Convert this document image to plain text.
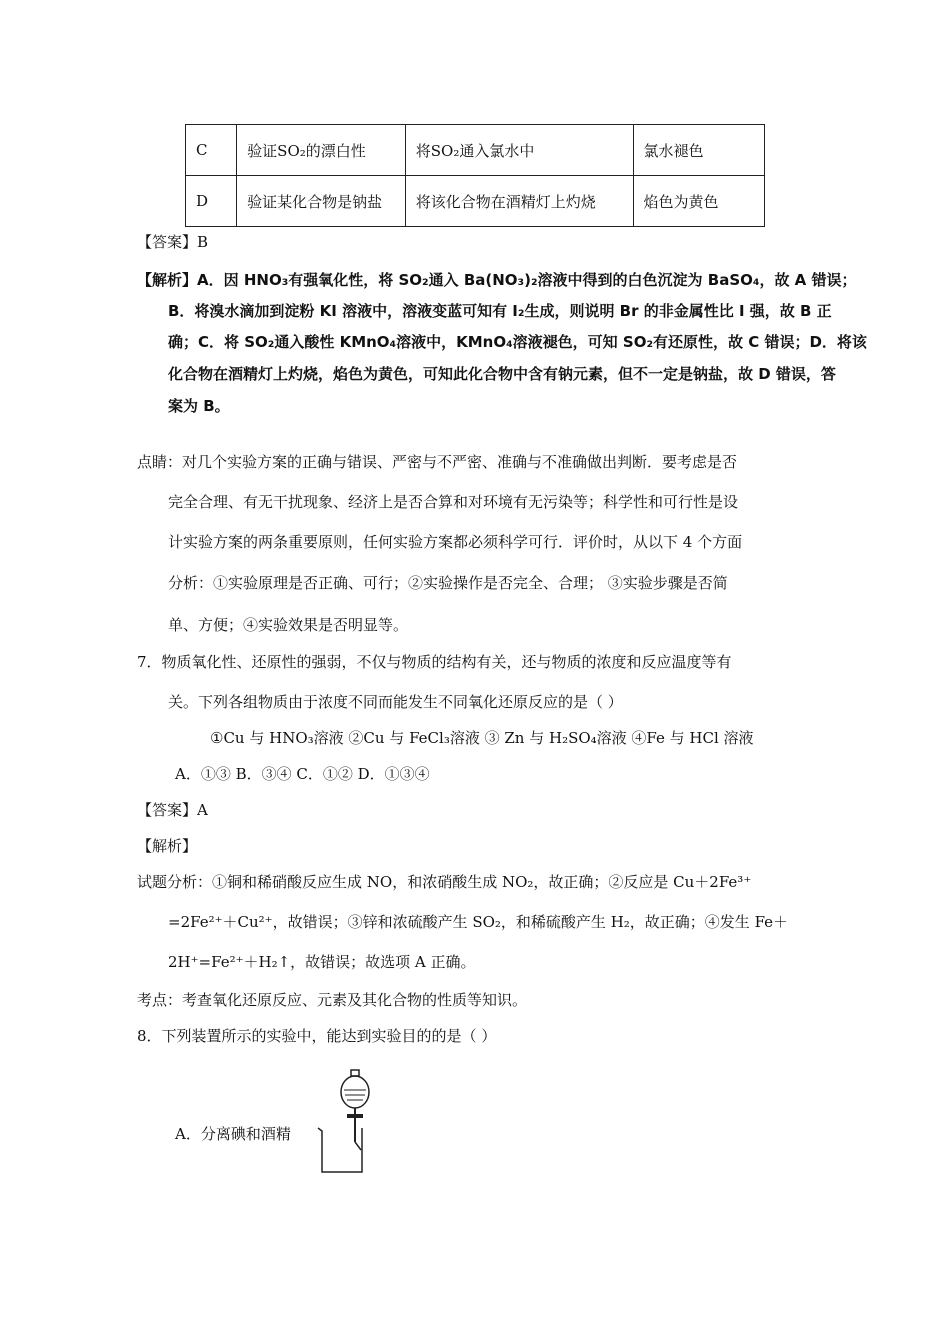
C	验证SO₂的漂白性	将SO₂通入氯水中	氯水褪色
D	验证某化合物是钠盐	将该化合物在酒精灯上灼烧	焰色为黄色
【答案】B
【解析】A．因 HNO₃有强氧化性，将 SO₂通入 Ba(NO₃)₂溶液中得到的白色沉淀为 BaSO₄，故 A 错误；
B．将溴水滴加到淀粉 KI 溶液中，溶液变蓝可知有 I₂生成，则说明 Br 的非金属性比 I 强，故 B 正
确；C．将 SO₂通入酸性 KMnO₄溶液中，KMnO₄溶液褪色，可知 SO₂有还原性，故 C 错误；D．将该
化合物在酒精灯上灼烧，焰色为黄色，可知此化合物中含有钠元素，但不一定是钠盐，故 D 错误，答
案为 B。
点睛：对几个实验方案的正确与错误、严密与不严密、准确与不准确做出判断．要考虑是否
完全合理、有无干扰现象、经济上是否合算和对环境有无污染等；科学性和可行性是设
计实验方案的两条重要原则，任何实验方案都必须科学可行．评价时，从以下 4 个方面
分析：①实验原理是否正确、可行；②实验操作是否完全、合理； ③实验步骤是否简
单、方便；④实验效果是否明显等。
7．物质氧化性、还原性的强弱，不仅与物质的结构有关，还与物质的浓度和反应温度等有
关。下列各组物质由于浓度不同而能发生不同氧化还原反应的是（ ）
①Cu 与 HNO₃溶液 ②Cu 与 FeCl₃溶液 ③ Zn 与 H₂SO₄溶液 ④Fe 与 HCl 溶液
A．①③ B．③④ C．①② D．①③④
【答案】A
【解析】
试题分析：①铜和稀硝酸反应生成 NO，和浓硝酸生成 NO₂，故正确；②反应是 Cu＋2Fe³⁺
=2Fe²⁺＋Cu²⁺，故错误；③锌和浓硫酸产生 SO₂，和稀硫酸产生 H₂，故正确；④发生 Fe＋
2H⁺=Fe²⁺＋H₂↑，故错误；故选项 A 正确。
考点：考查氧化还原反应、元素及其化合物的性质等知识。
8．下列装置所示的实验中，能达到实验目的的是（ ）
A．分离碘和酒精
